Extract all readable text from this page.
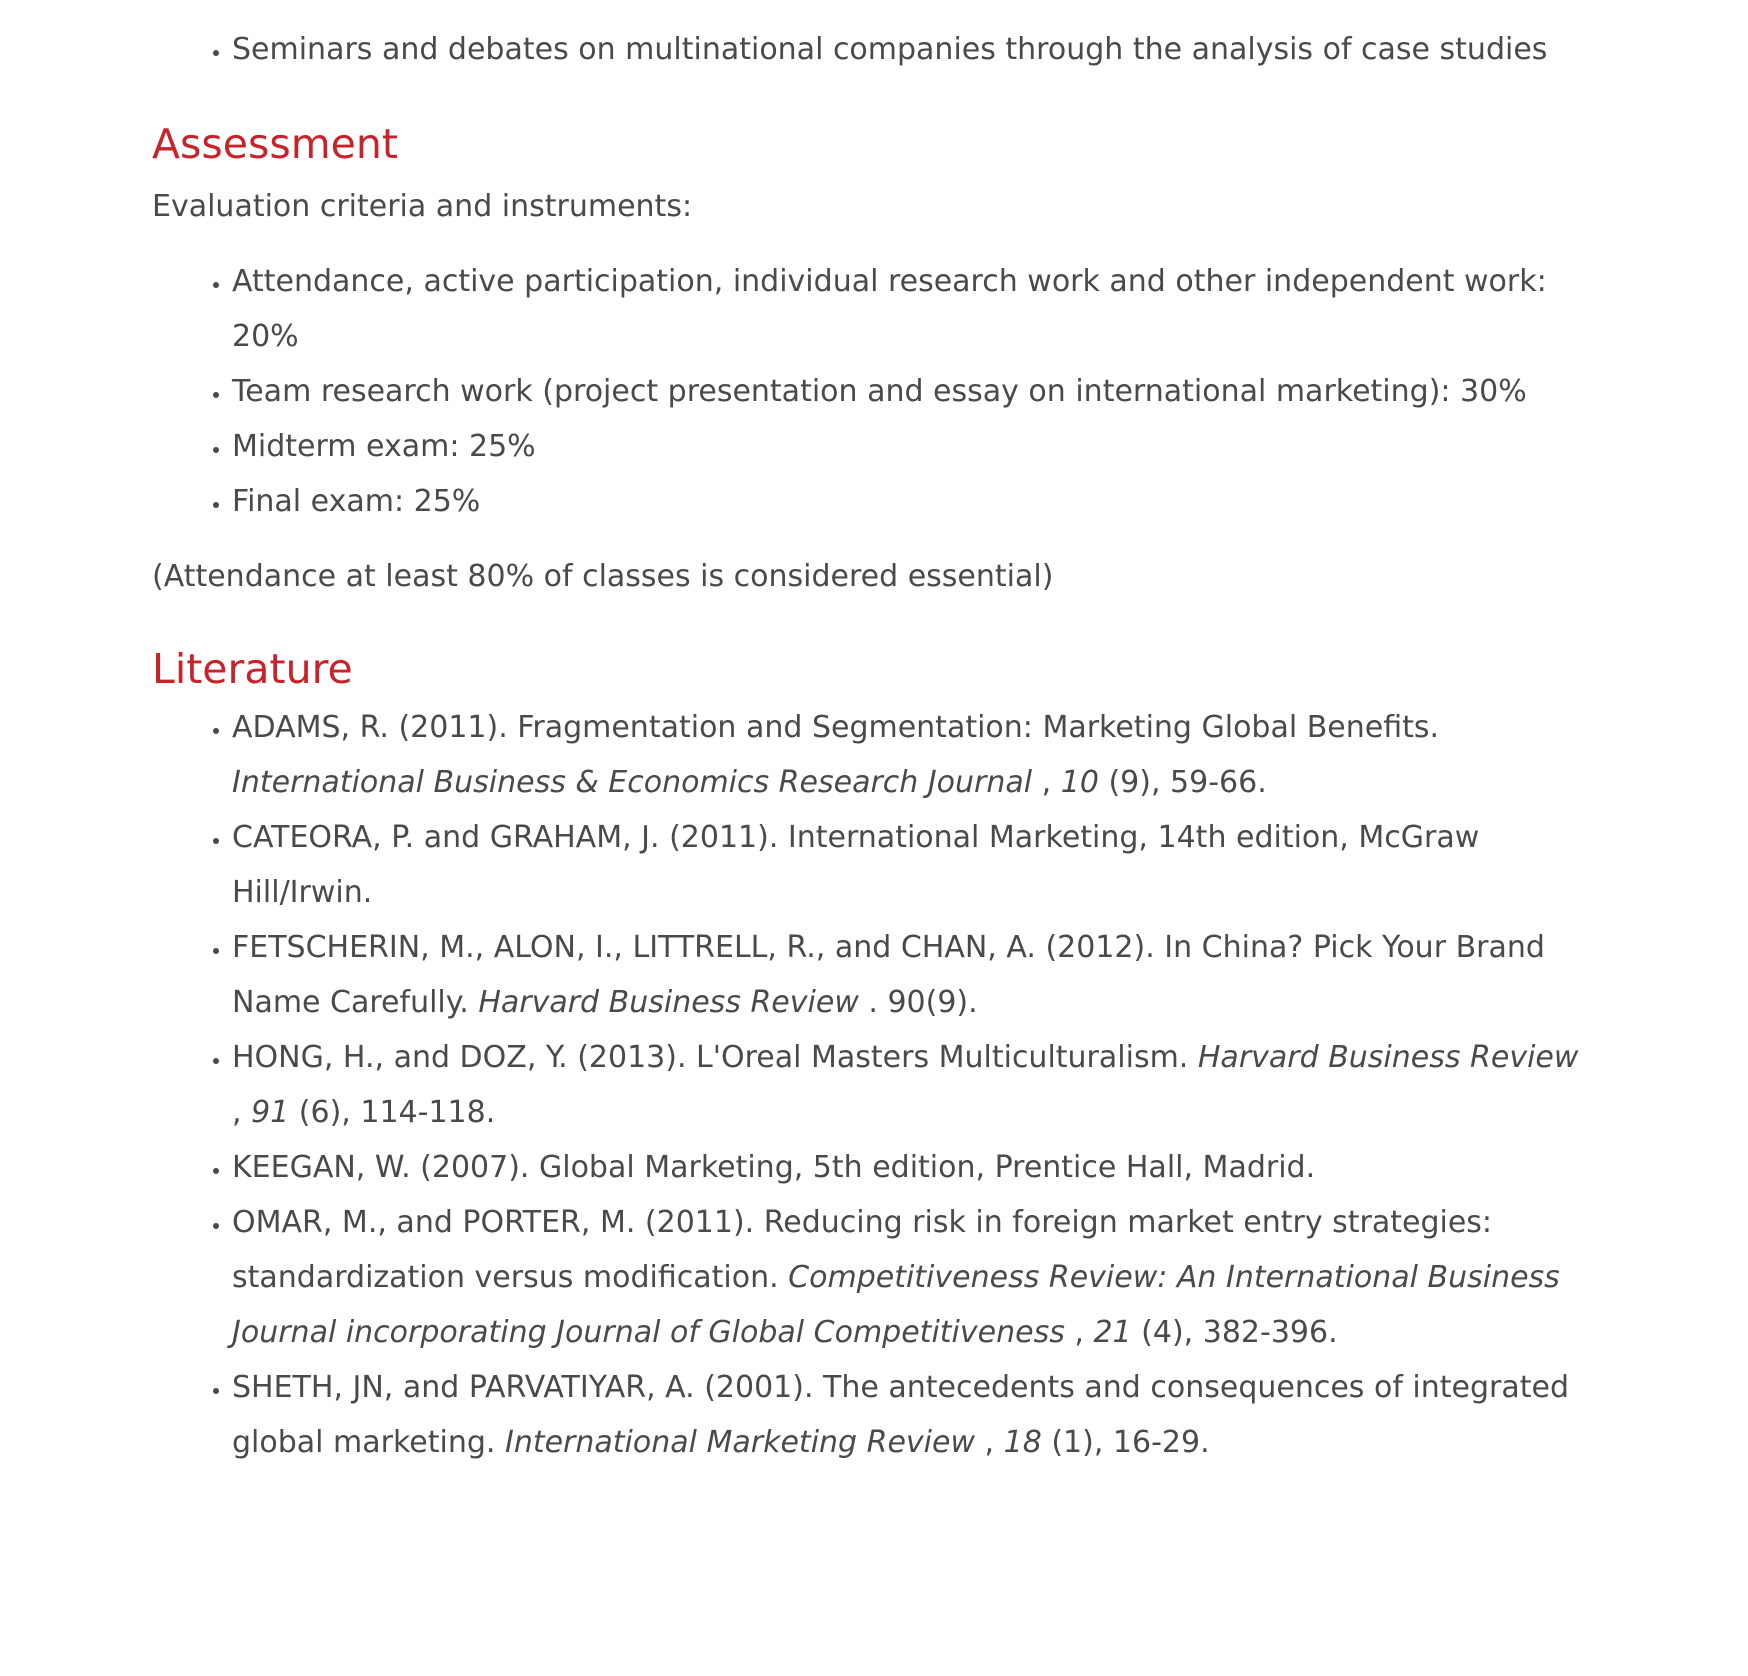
• Seminars and debates on multinational companies through the analysis of case studies
Assessment

Evaluation criteria and instruments:

• Attendance, active participation, individual research work and other independent work: 20%
• Team research work (project presentation and essay on international marketing): 30%
• Midterm exam: 25%
• Final exam: 25%

(Attendance at least 80% of classes is considered essential)

Literature
• ADAMS, R. (2011). Fragmentation and Segmentation: Marketing Global Benefits. International Business & Economics Research Journal , 10 (9), 59-66.
• CATEORA, P. and GRAHAM, J. (2011). International Marketing, 14th edition, McGraw Hill/Irwin.
• FETSCHERIN, M., ALON, I., LITTRELL, R., and CHAN, A. (2012). In China? Pick Your Brand Name Carefully. Harvard Business Review . 90(9).
• HONG, H., and DOZ, Y. (2013). L'Oreal Masters Multiculturalism. Harvard Business Review , 91 (6), 114-118.
• KEEGAN, W. (2007). Global Marketing, 5th edition, Prentice Hall, Madrid.
• OMAR, M., and PORTER, M. (2011). Reducing risk in foreign market entry strategies: standardization versus modification. Competitiveness Review: An International Business Journal incorporating Journal of Global Competitiveness , 21 (4), 382-396.
• SHETH, JN, and PARVATIYAR, A. (2001). The antecedents and consequences of integrated global marketing. International Marketing Review , 18 (1), 16-29.
